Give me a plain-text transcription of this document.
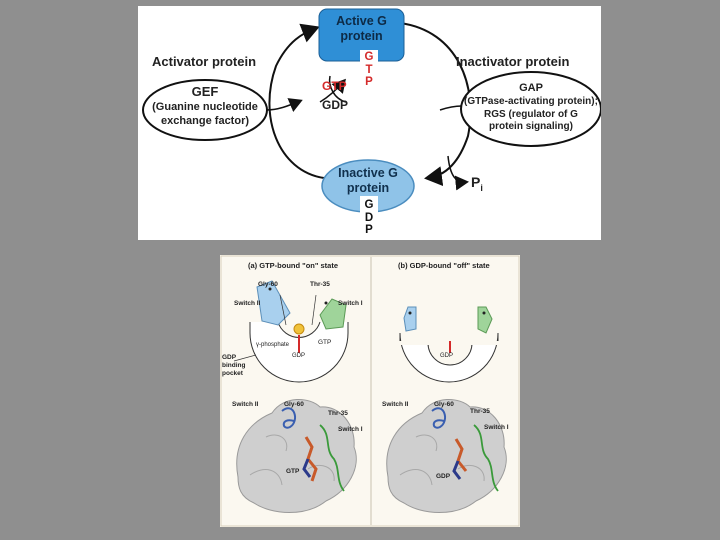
Active G
protein
G
T
P
Inactive G
protein
G
D
P
Activator protein
GEF
(Guanine nucleotide
exchange factor)
GTP
GDP
Inactivator protein
GAP
(GTPase-activating protein);
RGS (regulator of G
protein signaling)
$P_i$
(a) GTP-bound "on" state
Gly-60	Thr-35
Switch II	Switch I
γ-phosphate	GTP
GDP
GDP
binding
pocket
Switch II	Gly-60
Thr-35
Switch I
GTP
(b) GDP-bound "off" state
GDP
Switch II	Gly-60
Thr-35
Switch I
GDP
